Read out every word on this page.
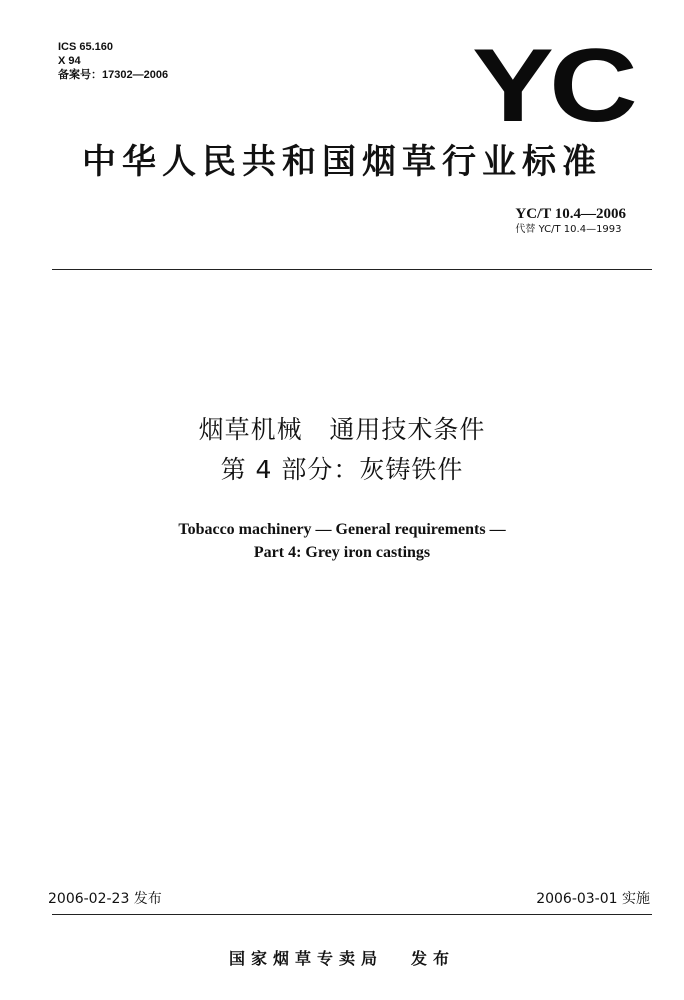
ICS 65.160
X 94
备案号：17302—2006	YC
中华人民共和国烟草行业标准
YC/T 10.4—2006
代替 YC/T 10.4—1993
烟草机械   通用技术条件
第 4 部分：灰铸铁件
Tobacco machinery — General requirements —
Part 4: Grey iron castings
2006-02-23 发布	2006-03-01 实施
国家烟草专卖局 发布
